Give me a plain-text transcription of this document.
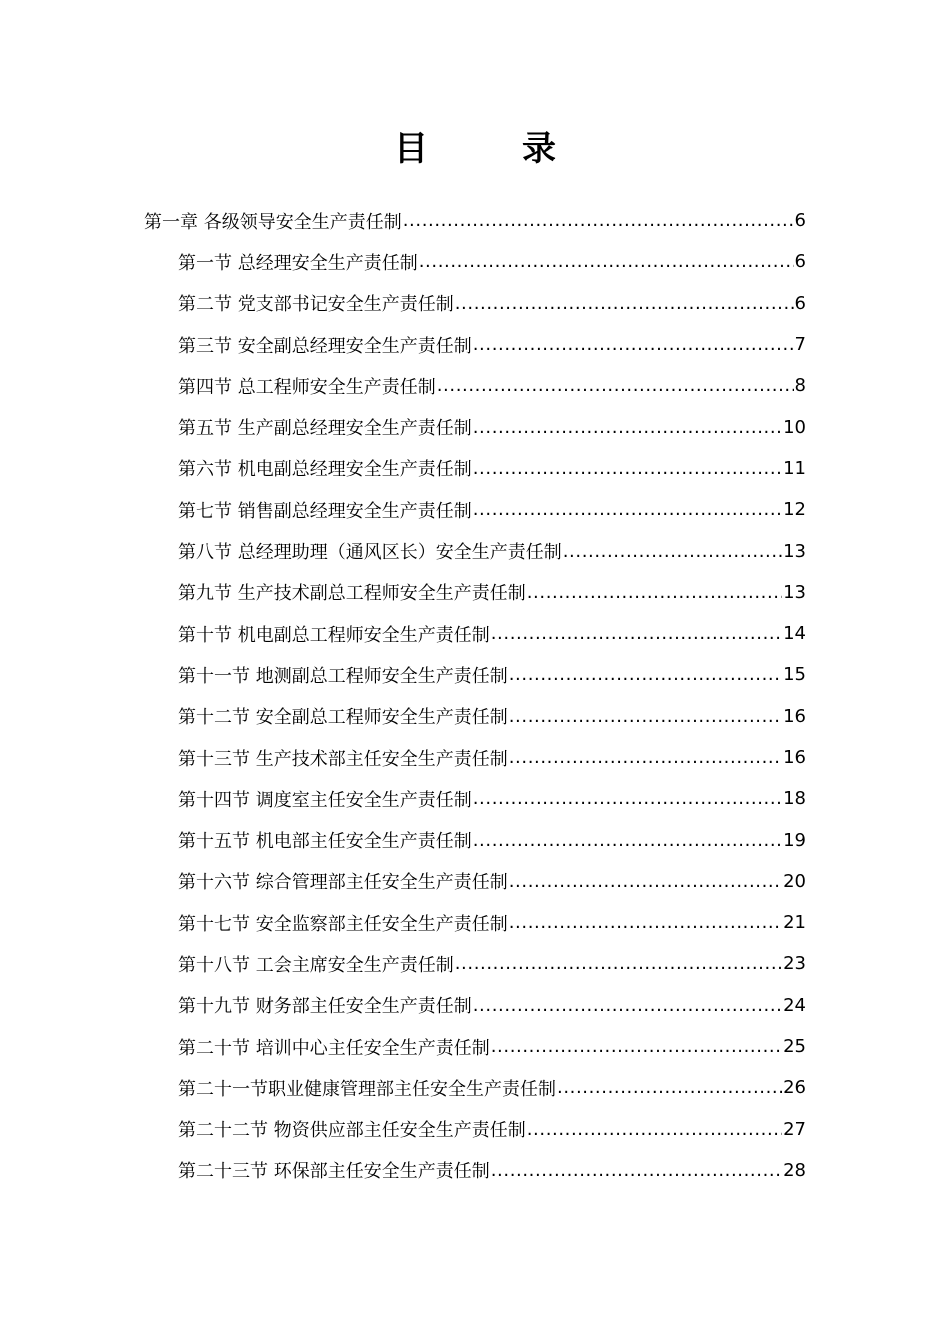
目　录
第一章 各级领导安全生产责任制 .....	6
第一节 总经理安全生产责任制 .....	6
第二节 党支部书记安全生产责任制 .....	6
第三节 安全副总经理安全生产责任制 .....	7
第四节 总工程师安全生产责任制 .....	8
第五节 生产副总经理安全生产责任制 .....	10
第六节 机电副总经理安全生产责任制 .....	11
第七节 销售副总经理安全生产责任制 .....	12
第八节 总经理助理（通风区长）安全生产责任制 .....	13
第九节 生产技术副总工程师安全生产责任制 .....	13
第十节 机电副总工程师安全生产责任制 .....	14
第十一节 地测副总工程师安全生产责任制 .....	15
第十二节 安全副总工程师安全生产责任制 .....	16
第十三节 生产技术部主任安全生产责任制 .....	16
第十四节 调度室主任安全生产责任制 .....	18
第十五节 机电部主任安全生产责任制 .....	19
第十六节 综合管理部主任安全生产责任制 .....	20
第十七节 安全监察部主任安全生产责任制 .....	21
第十八节 工会主席安全生产责任制 .....	23
第十九节 财务部主任安全生产责任制 .....	24
第二十节 培训中心主任安全生产责任制 .....	25
第二十一节职业健康管理部主任安全生产责任制 .....	26
第二十二节 物资供应部主任安全生产责任制 .....	27
第二十三节 环保部主任安全生产责任制 .....	28
